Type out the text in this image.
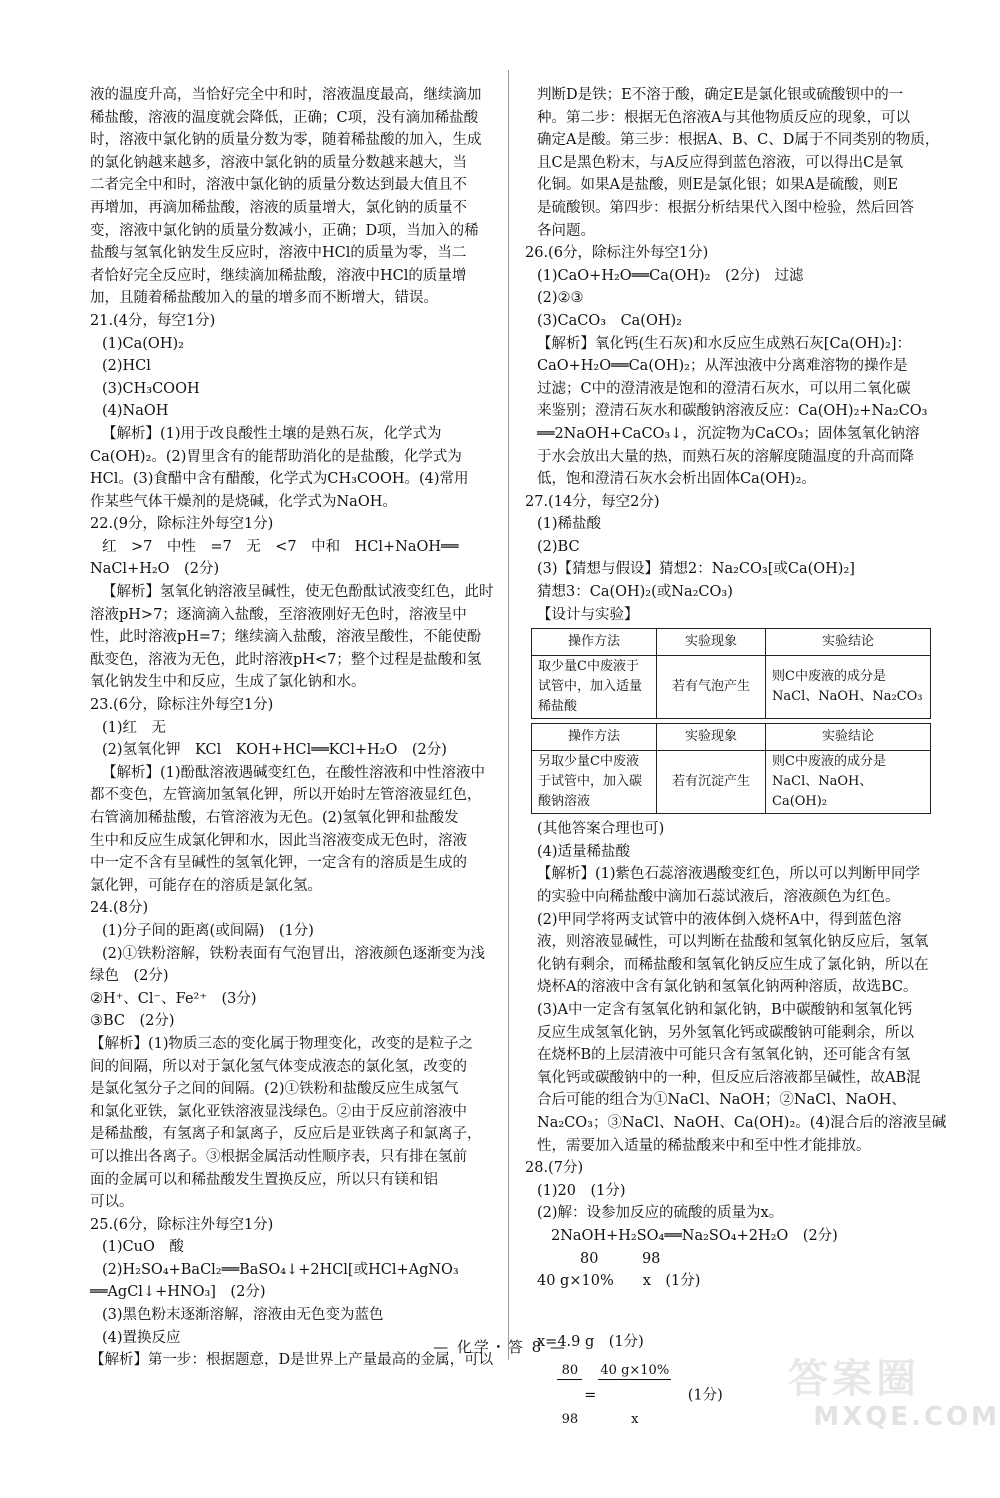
液的温度升高，当恰好完全中和时，溶液温度最高，继续滴加
稀盐酸，溶液的温度就会降低，正确；C项，没有滴加稀盐酸
时，溶液中氯化钠的质量分数为零，随着稀盐酸的加入，生成
的氯化钠越来越多，溶液中氯化钠的质量分数越来越大，当
二者完全中和时，溶液中氯化钠的质量分数达到最大值且不
再增加，再滴加稀盐酸，溶液的质量增大，氯化钠的质量不
变，溶液中氯化钠的质量分数减小，正确；D项，当加入的稀
盐酸与氢氧化钠发生反应时，溶液中HCl的质量为零，当二
者恰好完全反应时，继续滴加稀盐酸，溶液中HCl的质量增
加，且随着稀盐酸加入的量的增多而不断增大，错误。
21.(4分，每空1分)
(1)Ca(OH)₂
(2)HCl
(3)CH₃COOH
(4)NaOH
【解析】(1)用于改良酸性土壤的是熟石灰，化学式为
Ca(OH)₂。(2)胃里含有的能帮助消化的是盐酸，化学式为
HCl。(3)食醋中含有醋酸，化学式为CH₃COOH。(4)常用
作某些气体干燥剂的是烧碱，化学式为NaOH。
22.(9分，除标注外每空1分)
红　>7　中性　=7　无　<7　中和　HCl+NaOH══
NaCl+H₂O　(2分)
【解析】氢氧化钠溶液呈碱性，使无色酚酞试液变红色，此时
溶液pH>7；逐滴滴入盐酸，至溶液刚好无色时，溶液呈中
性，此时溶液pH=7；继续滴入盐酸，溶液呈酸性，不能使酚
酞变色，溶液为无色，此时溶液pH<7；整个过程是盐酸和氢
氧化钠发生中和反应，生成了氯化钠和水。
23.(6分，除标注外每空1分)
(1)红　无
(2)氢氧化钾　KCl　KOH+HCl══KCl+H₂O　(2分)
【解析】(1)酚酞溶液遇碱变红色，在酸性溶液和中性溶液中
都不变色，左管滴加氢氧化钾，所以开始时左管溶液显红色，
右管滴加稀盐酸，右管溶液为无色。(2)氢氧化钾和盐酸发
生中和反应生成氯化钾和水，因此当溶液变成无色时，溶液
中一定不含有呈碱性的氢氧化钾，一定含有的溶质是生成的
氯化钾，可能存在的溶质是氯化氢。
24.(8分)
(1)分子间的距离(或间隔)　(1分)
(2)①铁粉溶解，铁粉表面有气泡冒出，溶液颜色逐渐变为浅
绿色　(2分)
②H⁺、Cl⁻、Fe²⁺　(3分)
③BC　(2分)
【解析】(1)物质三态的变化属于物理变化，改变的是粒子之
间的间隔，所以对于氯化氢气体变成液态的氯化氢，改变的
是氯化氢分子之间的间隔。(2)①铁粉和盐酸反应生成氢气
和氯化亚铁，氯化亚铁溶液显浅绿色。②由于反应前溶液中
是稀盐酸，有氢离子和氯离子，反应后是亚铁离子和氯离子，
可以推出各离子。③根据金属活动性顺序表，只有排在氢前
面的金属可以和稀盐酸发生置换反应，所以只有镁和铝
可以。
25.(6分，除标注外每空1分)
(1)CuO　酸
(2)H₂SO₄+BaCl₂══BaSO₄↓+2HCl[或HCl+AgNO₃
══AgCl↓+HNO₃]　(2分)
(3)黑色粉末逐渐溶解，溶液由无色变为蓝色
(4)置换反应
【解析】第一步：根据题意，D是世界上产量最高的金属，可以
判断D是铁；E不溶于酸，确定E是氯化银或硫酸钡中的一
种。第二步：根据无色溶液A与其他物质反应的现象，可以
确定A是酸。第三步：根据A、B、C、D属于不同类别的物质，
且C是黑色粉末，与A反应得到蓝色溶液，可以得出C是氧
化铜。如果A是盐酸，则E是氯化银；如果A是硫酸，则E
是硫酸钡。第四步：根据分析结果代入图中检验，然后回答
各问题。
26.(6分，除标注外每空1分)
(1)CaO+H₂O══Ca(OH)₂　(2分)　过滤
(2)②③
(3)CaCO₃　Ca(OH)₂
【解析】氧化钙(生石灰)和水反应生成熟石灰[Ca(OH)₂]：
CaO+H₂O══Ca(OH)₂；从浑浊液中分离难溶物的操作是
过滤；C中的澄清液是饱和的澄清石灰水，可以用二氧化碳
来鉴别；澄清石灰水和碳酸钠溶液反应：Ca(OH)₂+Na₂CO₃
══2NaOH+CaCO₃↓，沉淀物为CaCO₃；固体氢氧化钠溶
于水会放出大量的热，而熟石灰的溶解度随温度的升高而降
低，饱和澄清石灰水会析出固体Ca(OH)₂。
27.(14分，每空2分)
(1)稀盐酸
(2)BC
(3)【猜想与假设】猜想2：Na₂CO₃[或Ca(OH)₂]
猜想3：Ca(OH)₂(或Na₂CO₃)
【设计与实验】
操作方法	实验现象	实验结论
取少量C中废液于试管中，加入适量稀盐酸	若有气泡产生	则C中废液的成分是NaCl、NaOH、Na₂CO₃
操作方法	实验现象	实验结论
另取少量C中废液于试管中，加入碳酸钠溶液	若有沉淀产生	则C中废液的成分是NaCl、NaOH、Ca(OH)₂
(其他答案合理也可)
(4)适量稀盐酸
【解析】(1)紫色石蕊溶液遇酸变红色，所以可以判断甲同学
的实验中向稀盐酸中滴加石蕊试液后，溶液颜色为红色。
(2)甲同学将两支试管中的液体倒入烧杯A中，得到蓝色溶
液，则溶液显碱性，可以判断在盐酸和氢氧化钠反应后，氢氧
化钠有剩余，而稀盐酸和氢氧化钠反应生成了氯化钠，所以在
烧杯A的溶液中含有氯化钠和氢氧化钠两种溶质，故选BC。
(3)A中一定含有氢氧化钠和氯化钠，B中碳酸钠和氢氧化钙
反应生成氢氧化钠，另外氢氧化钙或碳酸钠可能剩余，所以
在烧杯B的上层清液中可能只含有氢氧化钠，还可能含有氢
氧化钙或碳酸钠中的一种，但反应后溶液都呈碱性，故AB混
合后可能的组合为①NaCl、NaOH；②NaCl、NaOH、
Na₂CO₃；③NaCl、NaOH、Ca(OH)₂。(4)混合后的溶液呈碱
性，需要加入适量的稀盐酸来中和至中性才能排放。
28.(7分)
(1)20　(1分)
(2)解：设参加反应的硫酸的质量为x。
2NaOH+H₂SO₄══Na₂SO₄+2H₂O　(2分)
　　80　　　98
40 g×10%　　x　(1分)

$\frac{80}{98}$ =
$\frac{40 g\times 10\%}{x}$

　 (1分)

x=4.9 g　(1分)
— 化学・答 8 —
答案圈
MXQE.COM
